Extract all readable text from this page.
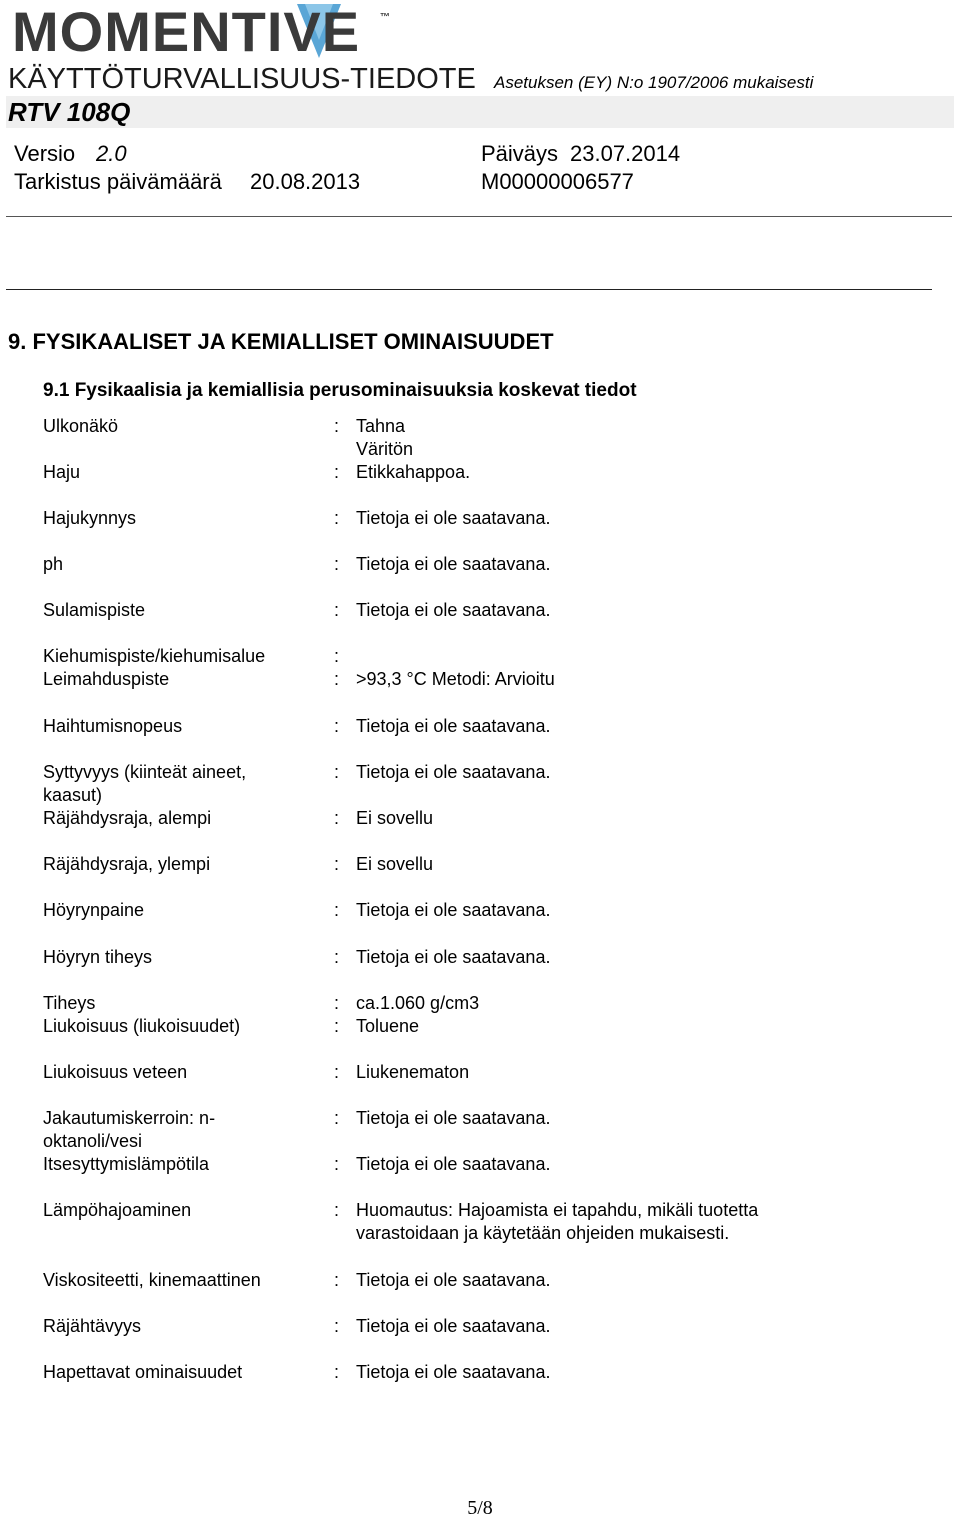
MOMENTIVE ™
KÄYTTÖTURVALLISUUS-TIEDOTE Asetuksen (EY) N:o 1907/2006 mukaisesti
RTV 108Q
Versio 2.0	Päiväys 23.07.2014
Tarkistus päivämäärä 20.08.2013	M00000006577
9. FYSIKAALISET JA KEMIALLISET OMINAISUUDET
9.1 Fysikaalisia ja kemiallisia perusominaisuuksia koskevat tiedot
Ulkonäkö	: Tahna
Väritön
Haju	: Etikkahappoa.
Hajukynnys	: Tietoja ei ole saatavana.
ph	: Tietoja ei ole saatavana.
Sulamispiste	: Tietoja ei ole saatavana.
Kiehumispiste/kiehumisalue	:
Leimahduspiste	: >93,3 °C Metodi: Arvioitu
Haihtumisnopeus	: Tietoja ei ole saatavana.
Syttyvyys (kiinteät aineet, kaasut)
: Tietoja ei ole saatavana.
Räjähdysraja, alempi	: Ei sovellu
Räjähdysraja, ylempi	: Ei sovellu
Höyrynpaine	: Tietoja ei ole saatavana.
Höyryn tiheys	: Tietoja ei ole saatavana.
Tiheys	: ca.1.060 g/cm3
Liukoisuus (liukoisuudet)	: Toluene
Liukoisuus veteen	: Liukenematon
Jakautumiskerroin: n-oktanoli/vesi
: Tietoja ei ole saatavana.
Itsesyttymislämpötila	: Tietoja ei ole saatavana.
Lämpöhajoaminen	: Huomautus: Hajoamista ei tapahdu, mikäli tuotetta
varastoidaan ja käytetään ohjeiden mukaisesti.
Viskositeetti, kinemaattinen	: Tietoja ei ole saatavana.
Räjähtävyys	: Tietoja ei ole saatavana.
Hapettavat ominaisuudet	: Tietoja ei ole saatavana.
5/8
